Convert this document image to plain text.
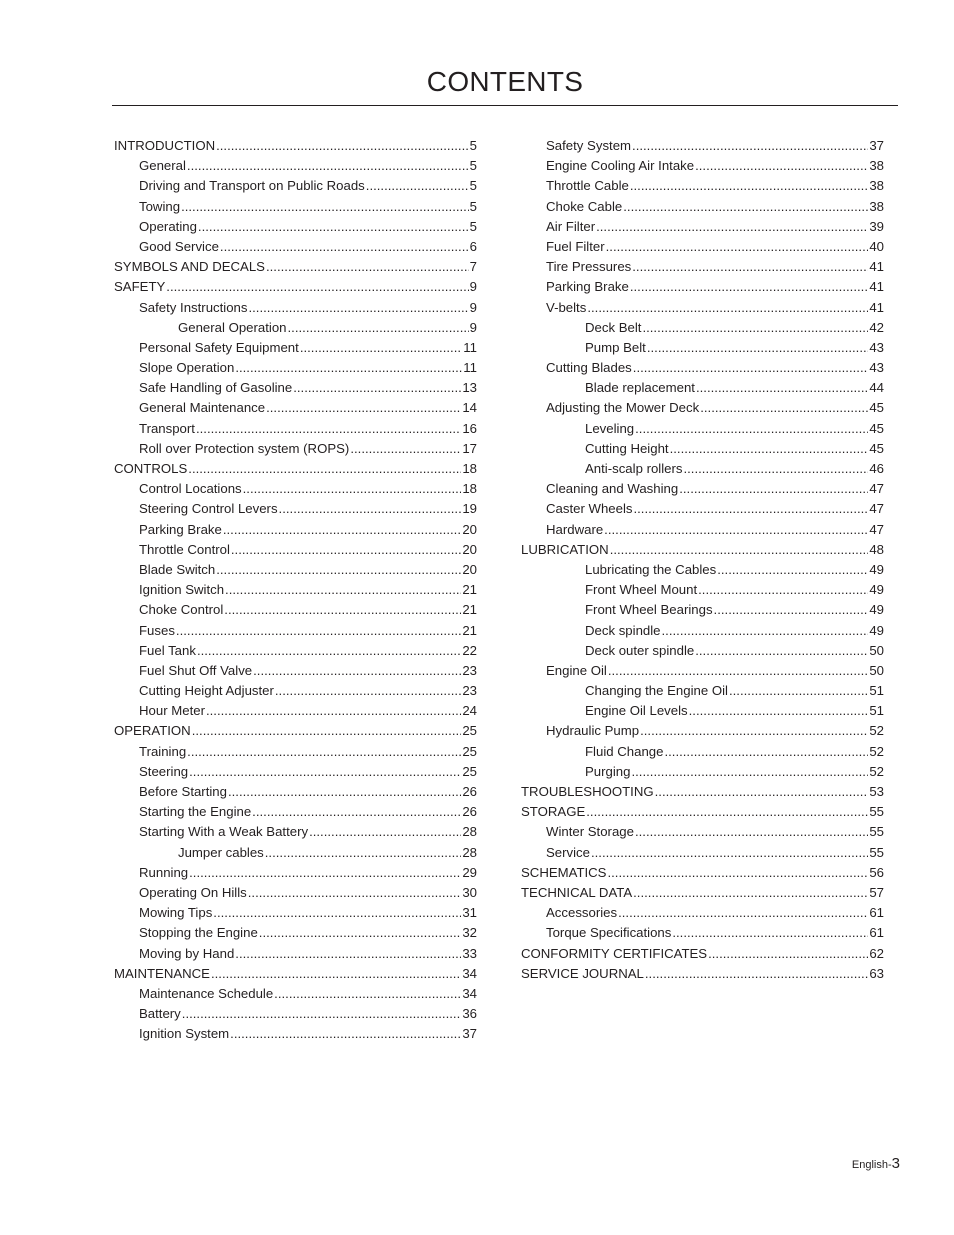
CONTENTS
INTRODUCTION .....	5
General .....	5
Driving and Transport on Public Roads .....	5
Towing .....	5
Operating .....	5
Good Service .....	6
SYMBOLS AND DECALS .....	7
SAFETY .....	9
Safety Instructions .....	9
General Operation .....	9
Personal Safety Equipment .....	11
Slope Operation .....	11
Safe Handling of Gasoline .....	13
General Maintenance .....	14
Transport .....	16
Roll over Protection system (ROPS) .....	17
CONTROLS .....	18
Control Locations .....	18
Steering Control Levers .....	19
Parking Brake .....	20
Throttle Control .....	20
Blade Switch .....	20
Ignition Switch .....	21
Choke Control .....	21
Fuses .....	21
Fuel Tank .....	22
Fuel Shut Off Valve .....	23
Cutting Height Adjuster .....	23
Hour Meter .....	24
OPERATION .....	25
Training .....	25
Steering .....	25
Before Starting .....	26
Starting the Engine .....	26
Starting With a Weak Battery .....	28
Jumper cables .....	28
Running .....	29
Operating On Hills .....	30
Mowing Tips .....	31
Stopping the Engine .....	32
Moving by Hand .....	33
MAINTENANCE .....	34
Maintenance Schedule .....	34
Battery .....	36
Ignition System .....	37
Safety System .....	37
Engine Cooling Air Intake .....	38
Throttle Cable .....	38
Choke Cable .....	38
Air Filter .....	39
Fuel Filter .....	40
Tire Pressures .....	41
Parking Brake .....	41
V-belts .....	41
Deck Belt .....	42
Pump Belt .....	43
Cutting Blades .....	43
Blade replacement .....	44
Adjusting the Mower Deck .....	45
Leveling .....	45
Cutting Height .....	45
Anti-scalp rollers .....	46
Cleaning and Washing .....	47
Caster Wheels .....	47
Hardware .....	47
LUBRICATION .....	48
Lubricating the Cables .....	49
Front Wheel Mount .....	49
Front Wheel Bearings .....	49
Deck spindle .....	49
Deck outer spindle .....	50
Engine Oil .....	50
Changing the Engine Oil .....	51
Engine Oil Levels .....	51
Hydraulic Pump .....	52
Fluid Change .....	52
Purging .....	52
TROUBLESHOOTING .....	53
STORAGE .....	55
Winter Storage .....	55
Service .....	55
SCHEMATICS .....	56
TECHNICAL DATA .....	57
Accessories .....	61
Torque Specifications .....	61
CONFORMITY CERTIFICATES .....	62
SERVICE JOURNAL .....	63
English-3
